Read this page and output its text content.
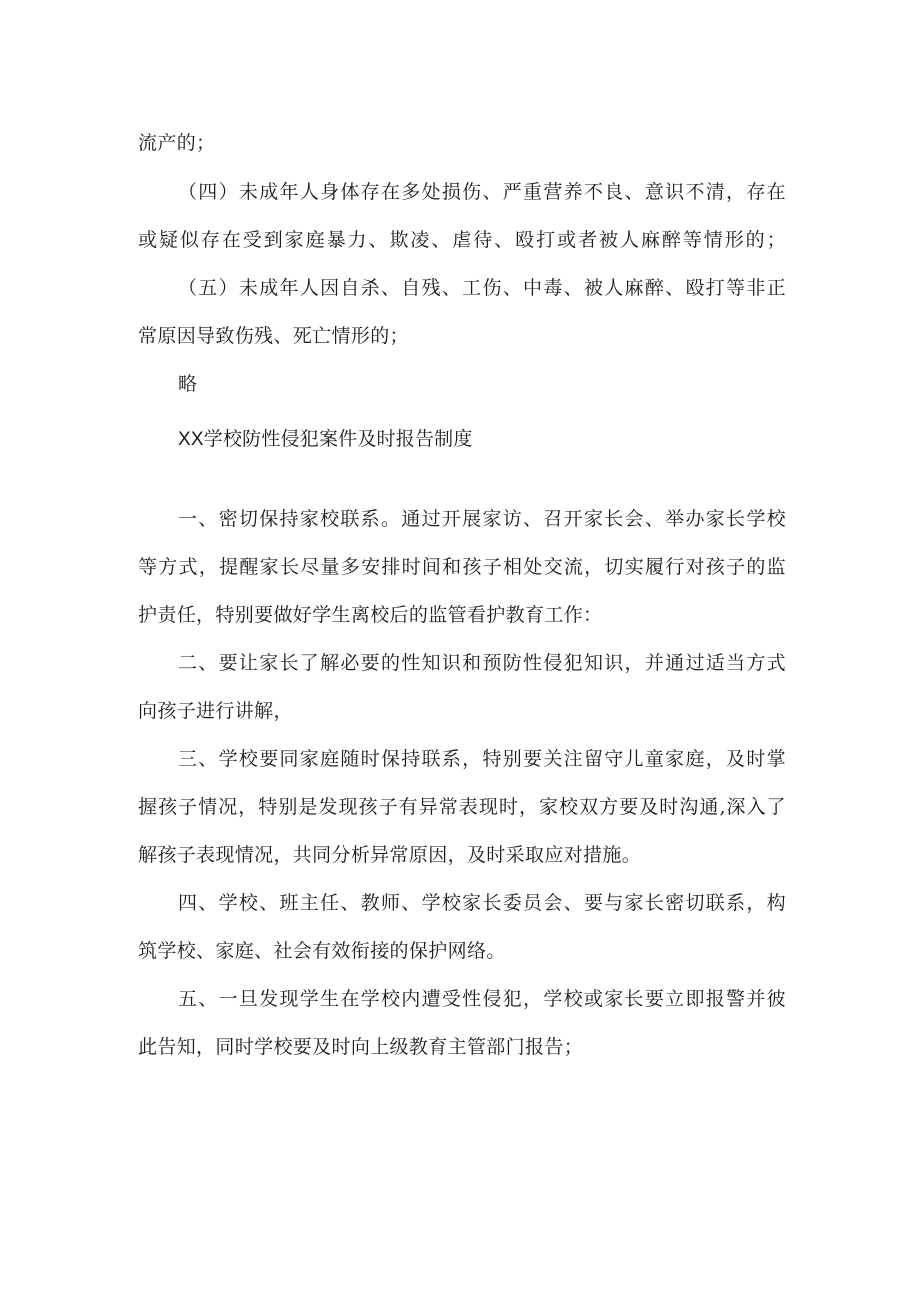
流产的；
（四）未成年人身体存在多处损伤、严重营养不良、意识不清，存在
或疑似存在受到家庭暴力、欺凌、虐待、殴打或者被人麻醉等情形的；
（五）未成年人因自杀、自残、工伤、中毒、被人麻醉、殴打等非正
常原因导致伤残、死亡情形的；
略
XX学校防性侵犯案件及时报告制度
一、密切保持家校联系。通过开展家访、召开家长会、举办家长学校
等方式，提醒家长尽量多安排时间和孩子相处交流，切实履行对孩子的监
护责任，特别要做好学生离校后的监管看护教育工作：
二、要让家长了解必要的性知识和预防性侵犯知识，并通过适当方式
向孩子进行讲解，
三、学校要同家庭随时保持联系，特别要关注留守儿童家庭，及时掌
握孩子情况，特别是发现孩子有异常表现时，家校双方要及时沟通,深入了
解孩子表现情况，共同分析异常原因，及时采取应对措施。
四、学校、班主任、教师、学校家长委员会、要与家长密切联系，构
筑学校、家庭、社会有效衔接的保护网络。
五、一旦发现学生在学校内遭受性侵犯，学校或家长要立即报警并彼
此告知，同时学校要及时向上级教育主管部门报告；
